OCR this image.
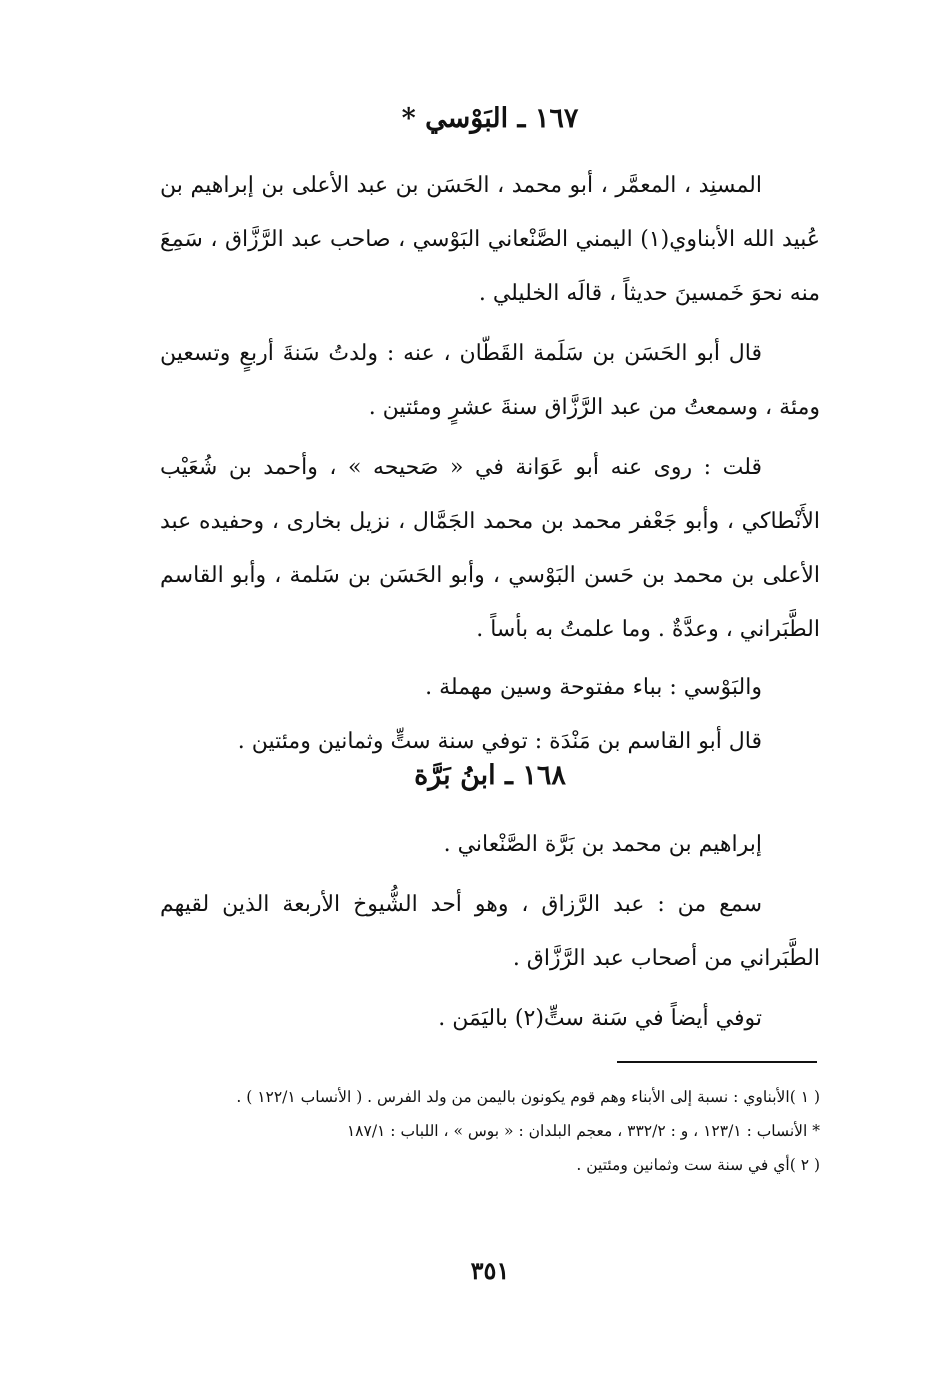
١٦٧ ـ البَوْسي *

المسنِد ، المعمَّر ، أبو محمد ، الحَسَن بن عبد الأعلى بن إبراهيم بن عُبيد الله الأبناوي(١) اليمني الصَّنْعاني البَوْسي ، صاحب عبد الرَّزَّاق ، سَمِعَ منه نحوَ خَمسينَ حديثاً ، قالَه الخليلي .

قال أبو الحَسَن بن سَلَمة القَطّان ، عنه : ولدتُ سَنةَ أربعٍ وتسعين ومئة ، وسمعتُ من عبد الرَّزَّاق سنةَ عشرٍ ومئتين .

قلت : روى عنه أبو عَوَانة في « صَحيحه » ، وأحمد بن شُعَيْب الأَنْطاكي ، وأبو جَعْفر محمد بن محمد الجَمَّال ، نزيل بخارى ، وحفيده عبد الأعلى بن محمد بن حَسن البَوْسي ، وأبو الحَسَن بن سَلمة ، وأبو القاسم الطَّبَراني ، وعدَّةٌ . وما علمتُ به بأساً .

والبَوْسي : بباء مفتوحة وسين مهملة .

قال أبو القاسم بن مَنْدَة : توفي سنة ستٍّ وثمانين ومئتين .

١٦٨ ـ ابنُ بَرَّة

إبراهيم بن محمد بن بَرَّة الصَّنْعاني .

سمع من : عبد الرَّزاق ، وهو أحد الشُّيوخ الأربعة الذين لقيهم الطَّبَراني من أصحاب عبد الرَّزَّاق .

توفي أيضاً في سَنة ستٍّ(٢) باليَمَن .

( ١ )الأبناوي : نسبة إلى الأبناء وهم قوم يكونون باليمن من ولد الفرس . ( الأنساب ١٢٢/١ ) .

* الأنساب : ١٢٣/١ ، و : ٣٣٢/٢ ، معجم البلدان : « بوس » ، اللباب : ١٨٧/١

( ٢ )أي في سنة ست وثمانين ومئتين .

٣٥١
